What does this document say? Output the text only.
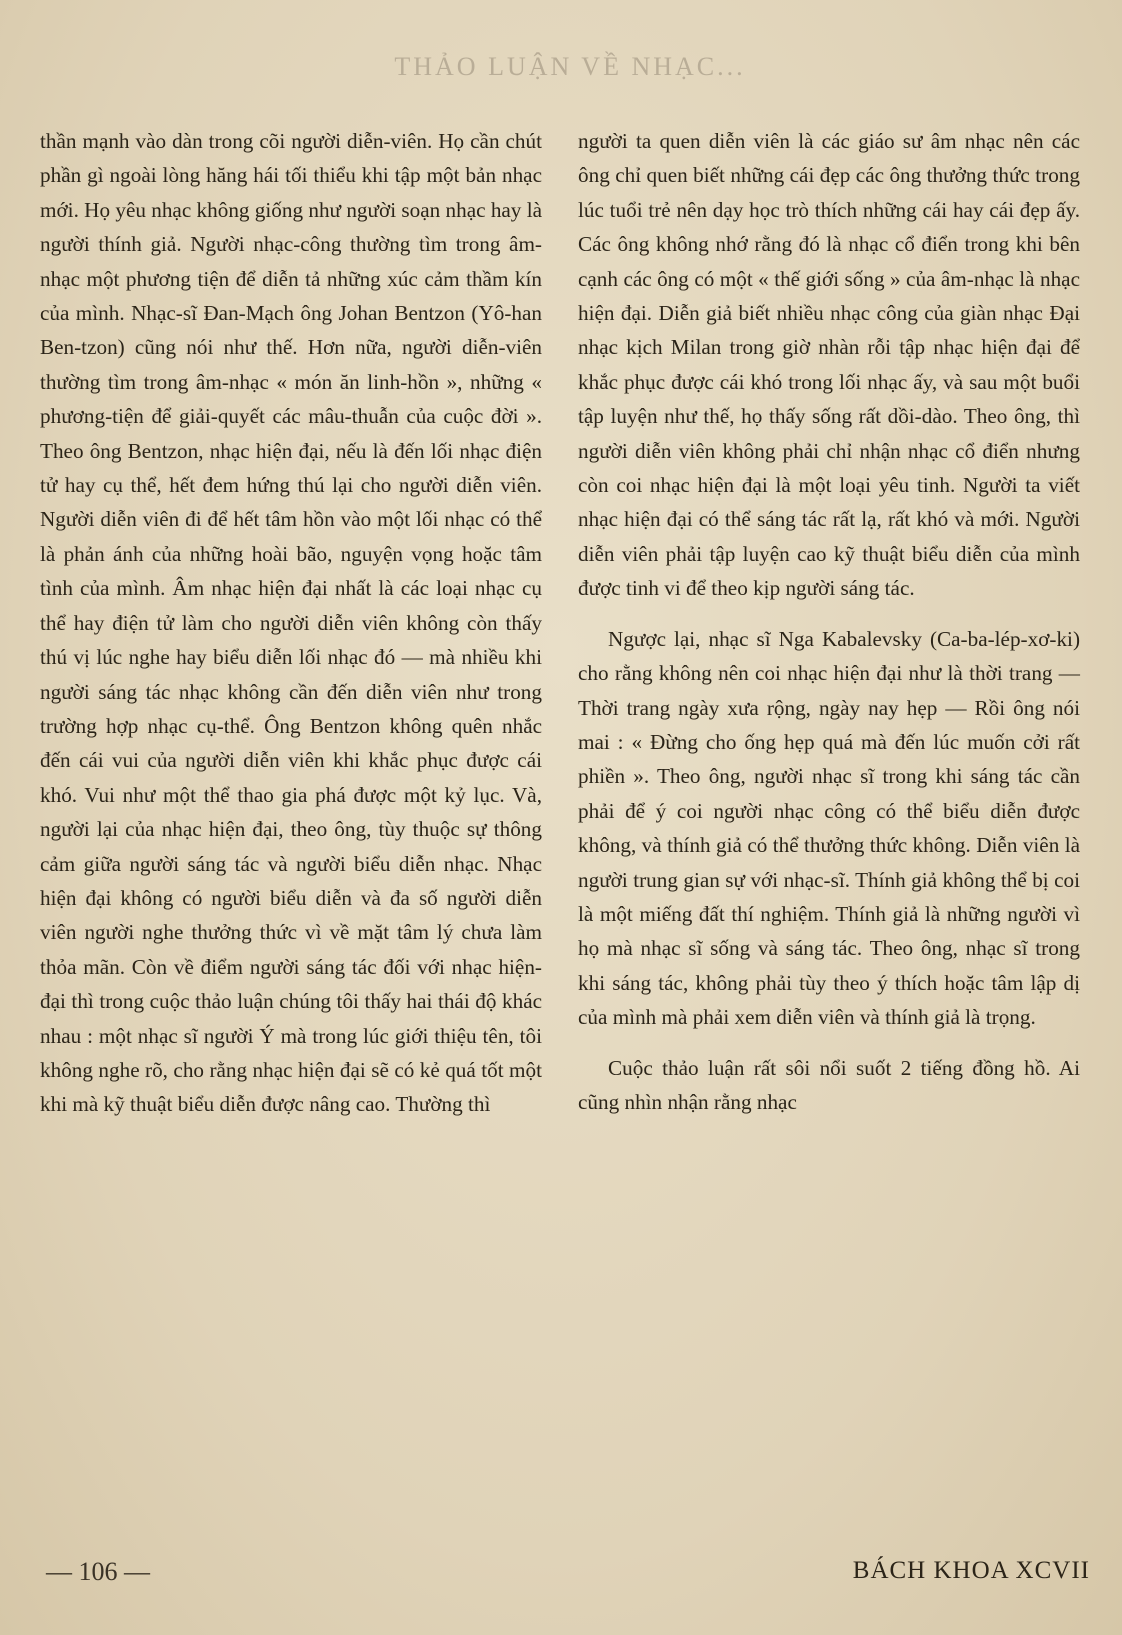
THẢO LUẬN VỀ NHẠC...

thần mạnh vào dàn trong cõi người diễn-viên. Họ cần chút phần gì ngoài lòng hăng hái tối thiểu khi tập một bản nhạc mới. Họ yêu nhạc không giống như người soạn nhạc hay là người thính giả. Người nhạc-công thường tìm trong âm-nhạc một phương tiện để diễn tả những xúc cảm thầm kín của mình. Nhạc-sĩ Đan-Mạch ông Johan Bentzon (Yô-han Ben-tzon) cũng nói như thế. Hơn nữa, người diễn-viên thường tìm trong âm-nhạc « món ăn linh-hồn », những « phương-tiện để giải-quyết các mâu-thuẫn của cuộc đời ». Theo ông Bentzon, nhạc hiện đại, nếu là đến lối nhạc điện tử hay cụ thể, hết đem hứng thú lại cho người diễn viên. Người diễn viên đi để hết tâm hồn vào một lối nhạc có thể là phản ánh của những hoài bão, nguyện vọng hoặc tâm tình của mình. Âm nhạc hiện đại nhất là các loại nhạc cụ thể hay điện tử làm cho người diễn viên không còn thấy thú vị lúc nghe hay biểu diễn lối nhạc đó — mà nhiều khi người sáng tác nhạc không cần đến diễn viên như trong trường hợp nhạc cụ-thể. Ông Bentzon không quên nhắc đến cái vui của người diễn viên khi khắc phục được cái khó. Vui như một thể thao gia phá được một kỷ lục. Và, người lại của nhạc hiện đại, theo ông, tùy thuộc sự thông cảm giữa người sáng tác và người biểu diễn nhạc. Nhạc hiện đại không có người biểu diễn và đa số người diễn viên người nghe thưởng thức vì về mặt tâm lý chưa làm thỏa mãn. Còn về điểm người sáng tác đối với nhạc hiện-đại thì trong cuộc thảo luận chúng tôi thấy hai thái độ khác nhau : một nhạc sĩ người Ý mà trong lúc giới thiệu tên, tôi không nghe rõ, cho rằng nhạc hiện đại sẽ có kẻ quá tốt một khi mà kỹ thuật biểu diễn được nâng cao. Thường thì

người ta quen diễn viên là các giáo sư âm nhạc nên các ông chỉ quen biết những cái đẹp các ông thưởng thức trong lúc tuổi trẻ nên dạy học trò thích những cái hay cái đẹp ấy. Các ông không nhớ rằng đó là nhạc cổ điển trong khi bên cạnh các ông có một « thế giới sống » của âm-nhạc là nhạc hiện đại. Diễn giả biết nhiều nhạc công của giàn nhạc Đại nhạc kịch Milan trong giờ nhàn rỗi tập nhạc hiện đại để khắc phục được cái khó trong lối nhạc ấy, và sau một buổi tập luyện như thế, họ thấy sống rất dồi-dào. Theo ông, thì người diễn viên không phải chỉ nhận nhạc cổ điển nhưng còn coi nhạc hiện đại là một loại yêu tinh. Người ta viết nhạc hiện đại có thể sáng tác rất lạ, rất khó và mới. Người diễn viên phải tập luyện cao kỹ thuật biểu diễn của mình được tinh vi để theo kịp người sáng tác.

Ngược lại, nhạc sĩ Nga Kabalevsky (Ca-ba-lép-xơ-ki) cho rằng không nên coi nhạc hiện đại như là thời trang — Thời trang ngày xưa rộng, ngày nay hẹp — Rồi ông nói mai : « Đừng cho ống hẹp quá mà đến lúc muốn cởi rất phiền ». Theo ông, người nhạc sĩ trong khi sáng tác cần phải để ý coi người nhạc công có thể biểu diễn được không, và thính giả có thể thưởng thức không. Diễn viên là người trung gian sự với nhạc-sĩ. Thính giả không thể bị coi là một miếng đất thí nghiệm. Thính giả là những người vì họ mà nhạc sĩ sống và sáng tác. Theo ông, nhạc sĩ trong khi sáng tác, không phải tùy theo ý thích hoặc tâm lập dị của mình mà phải xem diễn viên và thính giả là trọng.

Cuộc thảo luận rất sôi nổi suốt 2 tiếng đồng hồ. Ai cũng nhìn nhận rằng nhạc

— 106 —	BÁCH KHOA XCVII
